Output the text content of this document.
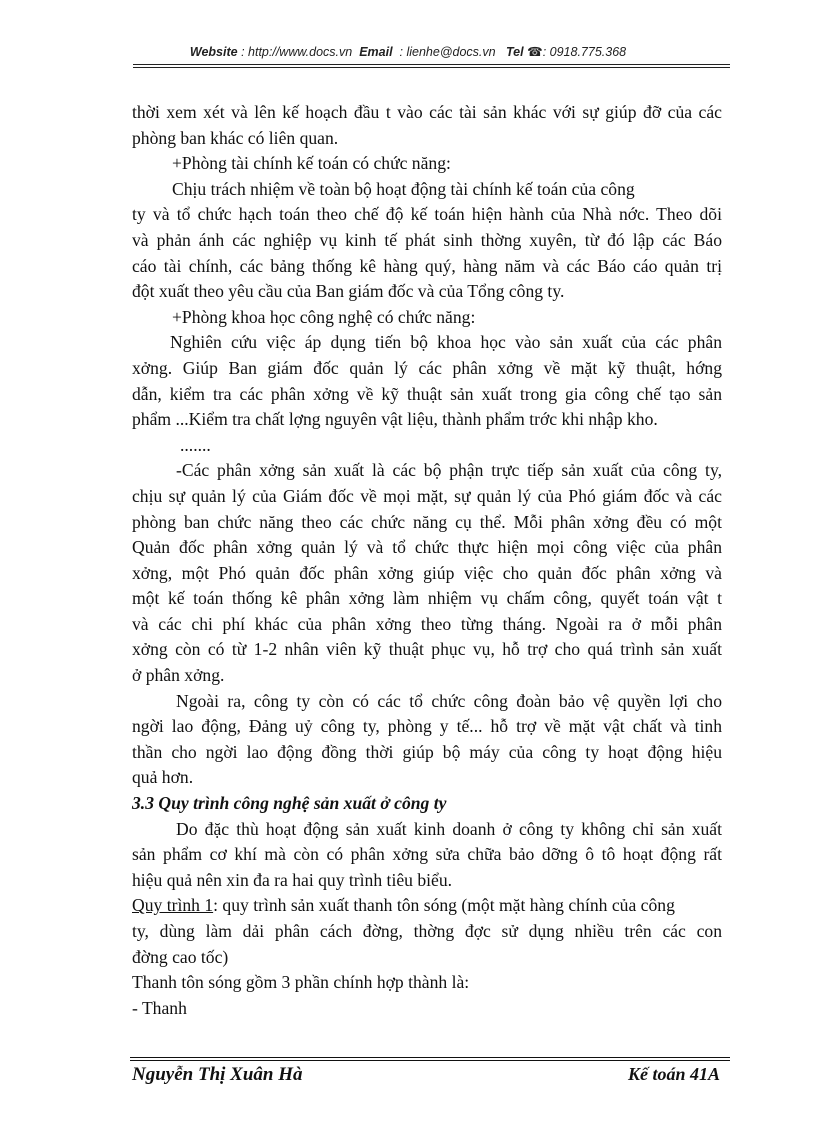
Website : http://www.docs.vn Email : lienhe@docs.vn Tel ☎: 0918.775.368
thời xem xét và lên kế hoạch đầu t vào các tài sản khác với sự giúp đỡ của các
phòng ban khác có liên quan.
+Phòng tài chính kế toán có chức năng:
Chịu trách nhiệm về toàn bộ hoạt động tài chính kế toán của công
ty và tổ chức hạch toán theo chế độ kế toán hiện hành của Nhà nớc. Theo dõi
và phản ánh các nghiệp vụ kinh tế phát sinh thờng xuyên, từ đó lập các Báo
cáo tài chính, các bảng thống kê hàng quý, hàng năm và các Báo cáo quản trị
đột xuất theo yêu cầu của Ban giám đốc và của Tổng công ty.
+Phòng khoa học công nghệ có chức năng:
Nghiên cứu việc áp dụng tiến bộ khoa học vào sản xuất của các phân
xởng. Giúp Ban giám đốc quản lý các phân xởng về mặt kỹ thuật, hớng
dẫn, kiểm tra các phân xởng về kỹ thuật sản xuất trong gia công chế tạo sản
phẩm ...Kiểm tra chất lợng nguyên vật liệu, thành phẩm trớc khi nhập kho.
.......
-Các phân xởng sản xuất là các bộ phận trực tiếp sản xuất của công ty,
chịu sự quản lý của Giám đốc về mọi mặt, sự quản lý của Phó giám đốc và các
phòng ban chức năng theo các chức năng cụ thể. Mỗi phân xởng đều có một
Quản đốc phân xởng quản lý và tổ chức thực hiện mọi công việc của phân
xởng, một Phó quản đốc phân xởng giúp việc cho quản đốc phân xởng và
một kế toán thống kê phân xởng làm nhiệm vụ chấm công, quyết toán vật t
và các chi phí khác của phân xởng theo từng tháng. Ngoài ra ở mỗi phân
xởng còn có từ 1-2 nhân viên kỹ thuật phục vụ, hỗ trợ cho quá trình sản xuất
ở phân xởng.
Ngoài ra, công ty còn có các tổ chức công đoàn bảo vệ quyền lợi cho
ngời lao động, Đảng uỷ công ty, phòng y tế... hỗ trợ về mặt vật chất và tinh
thần cho ngời lao động đồng thời giúp bộ máy của công ty hoạt động hiệu
quả hơn.
3.3 Quy trình công nghệ sản xuất ở công ty
Do đặc thù hoạt động sản xuất kinh doanh ở công ty không chỉ sản xuất
sản phẩm cơ khí mà còn có phân xởng sửa chữa bảo dỡng ô tô hoạt động rất
hiệu quả nên xin đa ra hai quy trình tiêu biểu.
Quy trình 1: quy trình sản xuất thanh tôn sóng (một mặt hàng chính của công
ty, dùng làm dải phân cách đờng, thờng đợc sử dụng nhiều trên các con
đờng cao tốc)
Thanh tôn sóng gồm 3 phần chính hợp thành là:
- Thanh
Nguyễn Thị Xuân Hà	Kế toán 41A
